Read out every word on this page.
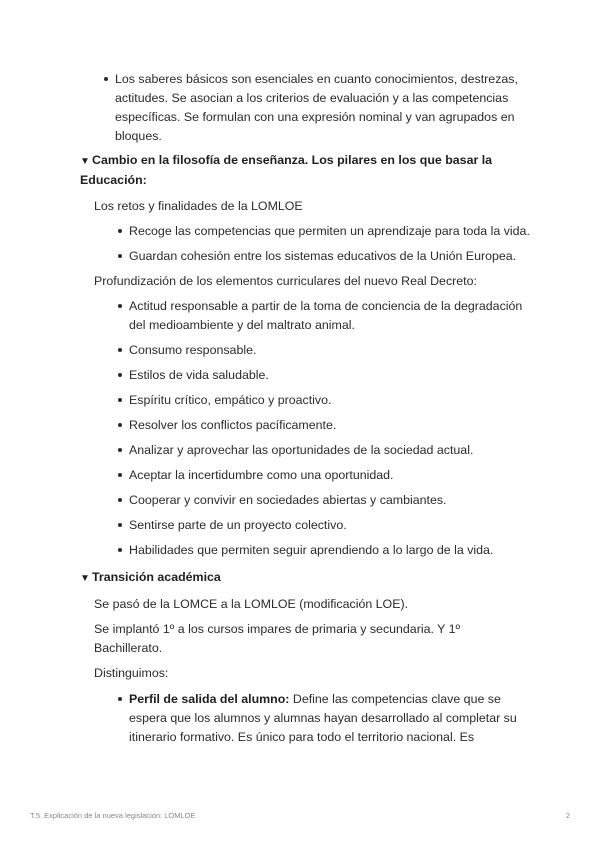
Los saberes básicos son esenciales en cuanto conocimientos, destrezas, actitudes. Se asocian a los criterios de evaluación y a las competencias específicas. Se formulan con una expresión nominal y van agrupados en bloques.
▼ Cambio en la filosofía de enseñanza. Los pilares en los que basar la Educación:

Los retos y finalidades de la LOMLOE

Recoge las competencias que permiten un aprendizaje para toda la vida.
Guardan cohesión entre los sistemas educativos de la Unión Europea.

Profundización de los elementos curriculares del nuevo Real Decreto:

Actitud responsable a partir de la toma de conciencia de la degradación del medioambiente y del maltrato animal.
Consumo responsable.
Estilos de vida saludable.
Espíritu crítico, empático y proactivo.
Resolver los conflictos pacíficamente.
Analizar y aprovechar las oportunidades de la sociedad actual.
Aceptar la incertidumbre como una oportunidad.
Cooperar y convivir en sociedades abiertas y cambiantes.
Sentirse parte de un proyecto colectivo.
Habilidades que permiten seguir aprendiendo a lo largo de la vida.
▼ Transición académica

Se pasó de la LOMCE a la LOMLOE (modificación LOE).

Se implantó 1º a los cursos impares de primaria y secundaria. Y 1º Bachillerato.

Distinguimos:

Perfil de salida del alumno: Define las competencias clave que se espera que los alumnos y alumnas hayan desarrollado al completar su itinerario formativo. Es único para todo el territorio nacional. Es
T.5. Explicación de la nueva legislación: LOMLOE	2
